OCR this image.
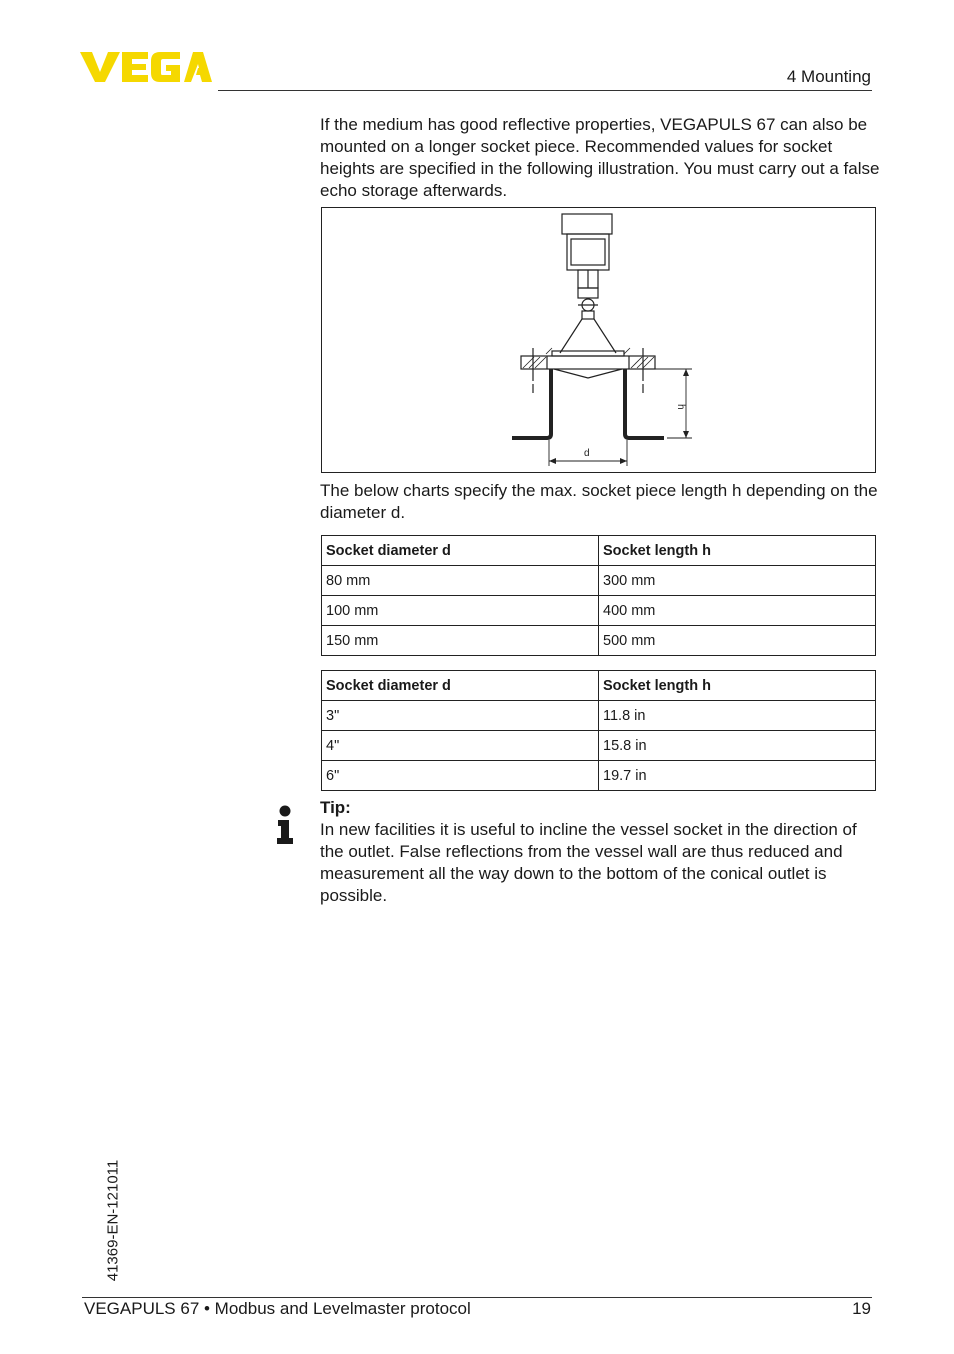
4 Mounting
If the medium has good reflective properties, VEGAPULS 67 can also be mounted on a longer socket piece. Recommended values for socket heights are specified in the following illustration. You must carry out a false echo storage afterwards.
h
d
The below charts specify the max. socket piece length h depending on the diameter d.
Socket diameter d	Socket length h
80 mm	300 mm
100 mm	400 mm
150 mm	500 mm
Socket diameter d	Socket length h
3"	11.8 in
4"	15.8 in
6"	19.7 in
Tip:
In new facilities it is useful to incline the vessel socket in the direction of the outlet. False reflections from the vessel wall are thus reduced and measurement all the way down to the bottom of the conical outlet is possible.
41369-EN-121011
VEGAPULS 67 • Modbus and Levelmaster protocol	19
